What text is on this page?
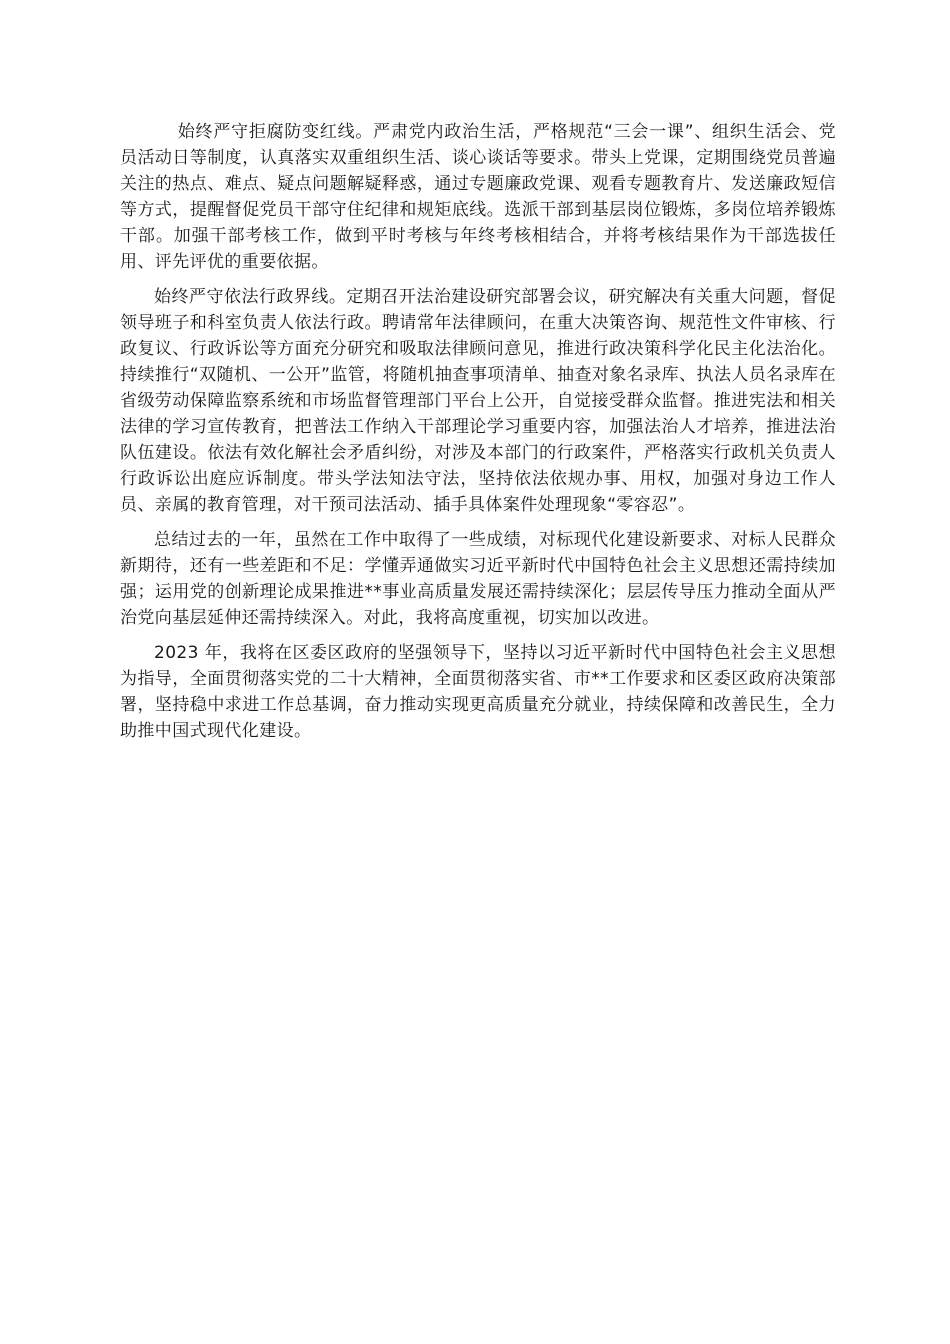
始终严守拒腐防变红线。严肃党内政治生活，严格规范“三会一课”、组织生活会、党员活动日等制度，认真落实双重组织生活、谈心谈话等要求。带头上党课，定期围绕党员普遍关注的热点、难点、疑点问题解疑释惑，通过专题廉政党课、观看专题教育片、发送廉政短信等方式，提醒督促党员干部守住纪律和规矩底线。选派干部到基层岗位锻炼，多岗位培养锻炼干部。加强干部考核工作，做到平时考核与年终考核相结合，并将考核结果作为干部选拔任用、评先评优的重要依据。

始终严守依法行政界线。定期召开法治建设研究部署会议，研究解决有关重大问题，督促领导班子和科室负责人依法行政。聘请常年法律顾问，在重大决策咨询、规范性文件审核、行政复议、行政诉讼等方面充分研究和吸取法律顾问意见，推进行政决策科学化民主化法治化。持续推行“双随机、一公开”监管，将随机抽查事项清单、抽查对象名录库、执法人员名录库在省级劳动保障监察系统和市场监督管理部门平台上公开，自觉接受群众监督。推进宪法和相关法律的学习宣传教育，把普法工作纳入干部理论学习重要内容，加强法治人才培养，推进法治队伍建设。依法有效化解社会矛盾纠纷，对涉及本部门的行政案件，严格落实行政机关负责人行政诉讼出庭应诉制度。带头学法知法守法，坚持依法依规办事、用权，加强对身边工作人员、亲属的教育管理，对干预司法活动、插手具体案件处理现象“零容忍”。

总结过去的一年，虽然在工作中取得了一些成绩，对标现代化建设新要求、对标人民群众新期待，还有一些差距和不足：学懂弄通做实习近平新时代中国特色社会主义思想还需持续加强；运用党的创新理论成果推进**事业高质量发展还需持续深化；层层传导压力推动全面从严治党向基层延伸还需持续深入。对此，我将高度重视，切实加以改进。

2023 年，我将在区委区政府的坚强领导下，坚持以习近平新时代中国特色社会主义思想为指导，全面贯彻落实党的二十大精神，全面贯彻落实省、市**工作要求和区委区政府决策部署，坚持稳中求进工作总基调，奋力推动实现更高质量充分就业，持续保障和改善民生，全力助推中国式现代化建设。
